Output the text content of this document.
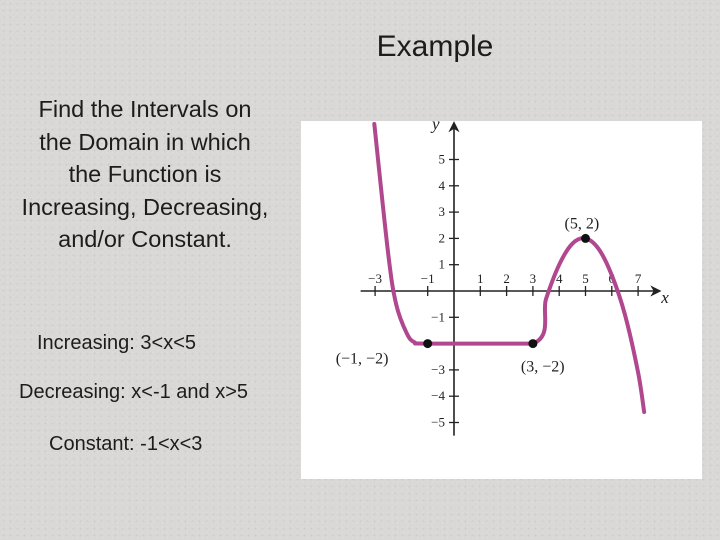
Example
Find the Intervals on the Domain in which the Function is Increasing, Decreasing, and/or Constant.
Increasing: 3<x<5
Decreasing: x<-1 and x>5
Constant: -1<x<3
x
y
−3	−1	1 2 3 4 5 6 7
5
4
3
2
1
−1
−3
−4
−5
(−1, −2)	(3, −2)
(5, 2)
